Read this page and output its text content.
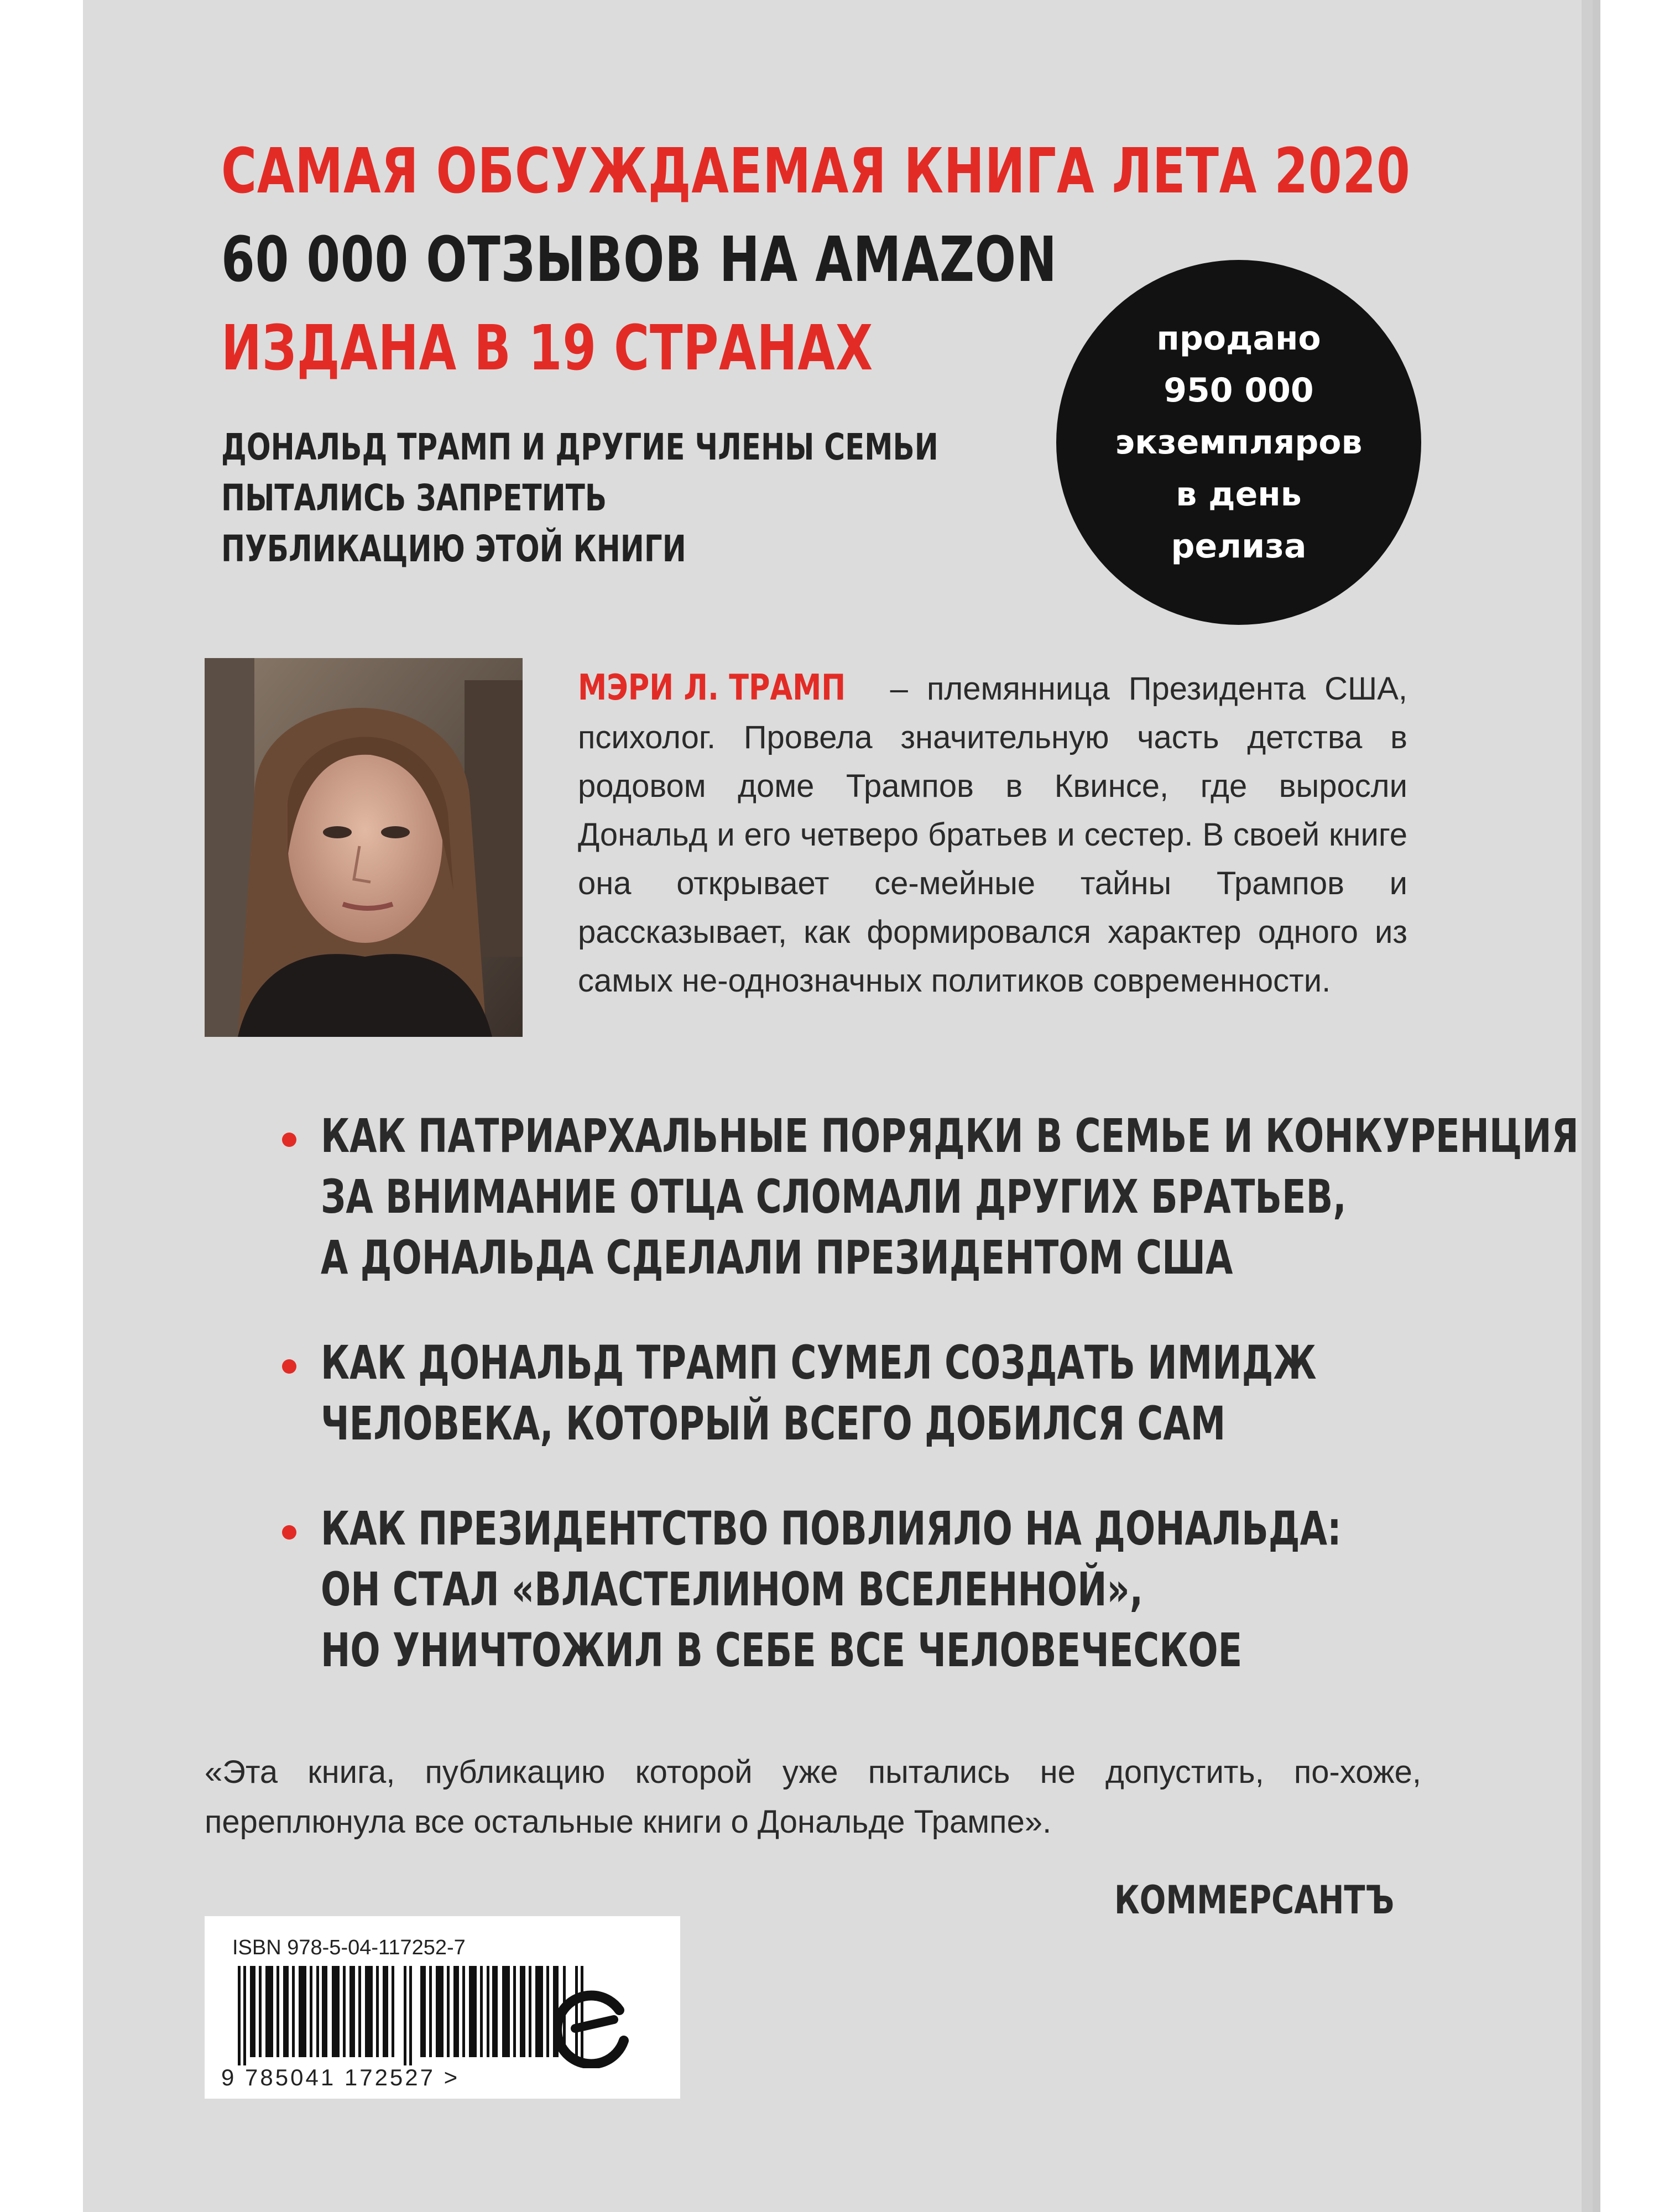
САМАЯ ОБСУЖДАЕМАЯ КНИГА ЛЕТА 2020
60 000 ОТЗЫВОВ НА AMAZON
ИЗДАНА В 19 СТРАНАХ
ДОНАЛЬД ТРАМП И ДРУГИЕ ЧЛЕНЫ СЕМЬИ
ПЫТАЛИСЬ ЗАПРЕТИТЬ
ПУБЛИКАЦИЮ ЭТОЙ КНИГИ
продано
950 000
экземпляров
в день
релиза
МЭРИ Л. ТРАМП – племянница Президента США, психолог. Провела значительную часть детства в родовом доме Трампов в Квинсе, где выросли Дональд и его четверо братьев и сестер. В своей книге она открывает се-мейные тайны Трампов и рассказывает, как формировался характер одного из самых не-однозначных политиков современности.
КАК ПАТРИАРХАЛЬНЫЕ ПОРЯДКИ В СЕМЬЕ И КОНКУРЕНЦИЯ
ЗА ВНИМАНИЕ ОТЦА СЛОМАЛИ ДРУГИХ БРАТЬЕВ,
А ДОНАЛЬДА СДЕЛАЛИ ПРЕЗИДЕНТОМ США
КАК ДОНАЛЬД ТРАМП СУМЕЛ СОЗДАТЬ ИМИДЖ
ЧЕЛОВЕКА, КОТОРЫЙ ВСЕГО ДОБИЛСЯ САМ
КАК ПРЕЗИДЕНТСТВО ПОВЛИЯЛО НА ДОНАЛЬДА:
ОН СТАЛ «ВЛАСТЕЛИНОМ ВСЕЛЕННОЙ»,
НО УНИЧТОЖИЛ В СЕБЕ ВСЕ ЧЕЛОВЕЧЕСКОЕ
«Эта книга, публикацию которой уже пытались не допустить, по-хоже, переплюнула все остальные книги о Дональде Трампе».
КОММЕРСАНТЪ
ISBN 978-5-04-117252-7
9 785041 172527 >
